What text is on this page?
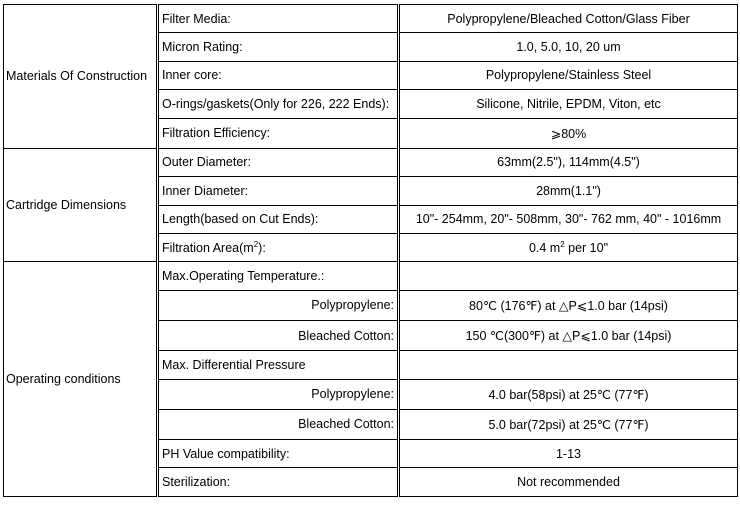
Materials Of Construction	Filter Media:	Polypropylene/Bleached Cotton/Glass Fiber
	Micron Rating:	1.0, 5.0, 10, 20 um
	Inner core:	Polypropylene/Stainless Steel
	O-rings/gaskets(Only for 226, 222 Ends):	Silicone, Nitrile, EPDM, Viton, etc
	Filtration Efficiency:	⩾80%
Cartridge Dimensions	Outer Diameter:	63mm(2.5"), 114mm(4.5")
	Inner Diameter:	28mm(1.1")
	Length(based on Cut Ends):	10"- 254mm, 20"- 508mm, 30"- 762 mm, 40" - 1016mm
	Filtration $Area(m^2)$:	0.4 $m^2$ per 10"
Operating conditions	Max.Operating Temperature.:	
	Polypropylene:	80℃ (176℉) at △P⩽1.0 bar (14psi)
	Bleached Cotton:	150 ℃(300℉) at △P⩽1.0 bar (14psi)
	Max. Differential Pressure	
	Polypropylene:	4.0 bar(58psi) at 25℃ (77℉)
	Bleached Cotton:	5.0 bar(72psi) at 25℃ (77℉)
	PH Value compatibility:	1-13
	Sterilization:	Not recommended
